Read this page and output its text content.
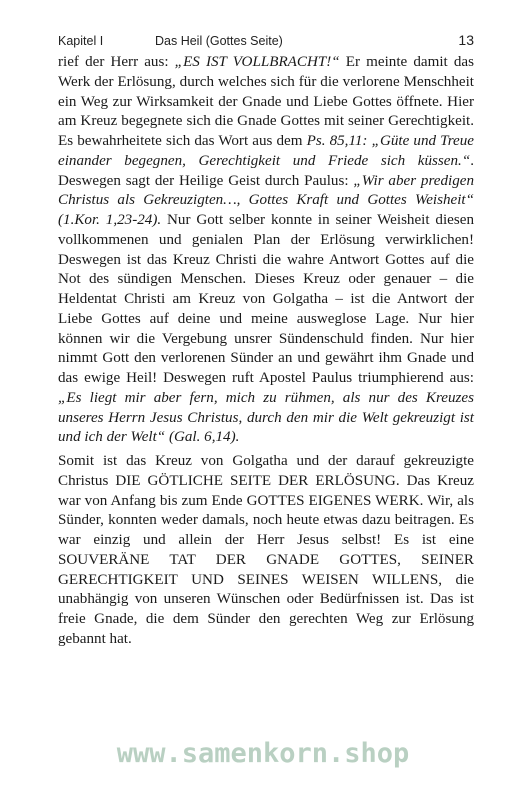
Kapitel I	Das Heil (Gottes Seite)	13

rief der Herr aus: „ES IST VOLLBRACHT!“ Er meinte damit das Werk der Erlösung, durch welches sich für die verlorene Menschheit ein Weg zur Wirksamkeit der Gnade und Liebe Gottes öffnete. Hier am Kreuz begegnete sich die Gnade Gottes mit seiner Gerechtigkeit. Es bewahrheitete sich das Wort aus dem Ps. 85,11: „Güte und Treue einander begegnen, Gerechtigkeit und Friede sich küssen.“. Deswegen sagt der Heilige Geist durch Paulus: „Wir aber predigen Christus als Gekreuzigten…, Gottes Kraft und Gottes Weisheit“ (1.Kor. 1,23-24). Nur Gott selber konnte in seiner Weisheit diesen vollkommenen und genialen Plan der Erlösung verwirklichen! Deswegen ist das Kreuz Christi die wahre Antwort Gottes auf die Not des sündigen Menschen. Dieses Kreuz oder genauer – die Heldentat Christi am Kreuz von Golgatha – ist die Antwort der Liebe Gottes auf deine und meine ausweglose Lage. Nur hier können wir die Vergebung unsrer Sündenschuld finden. Nur hier nimmt Gott den verlorenen Sünder an und gewährt ihm Gnade und das ewige Heil! Deswegen ruft Apostel Paulus triumphierend aus: „Es liegt mir aber fern, mich zu rühmen, als nur des Kreuzes unseres Herrn Jesus Christus, durch den mir die Welt gekreuzigt ist und ich der Welt“ (Gal. 6,14).

Somit ist das Kreuz von Golgatha und der darauf gekreuzigte Christus DIE GÖTLICHE SEITE DER ERLÖSUNG. Das Kreuz war von Anfang bis zum Ende GOTTES EIGENES WERK. Wir, als Sünder, konnten weder damals, noch heute etwas dazu beitragen. Es war einzig und allein der Herr Jesus selbst! Es ist eine SOUVERÄNE TAT DER GNADE GOTTES, SEINER GERECHTIGKEIT UND SEINES WEISEN WILLENS, die unabhängig von unseren Wünschen oder Bedürfnissen ist. Das ist freie Gnade, die dem Sünder den gerechten Weg zur Erlösung gebannt hat.

www.samenkorn.shop
